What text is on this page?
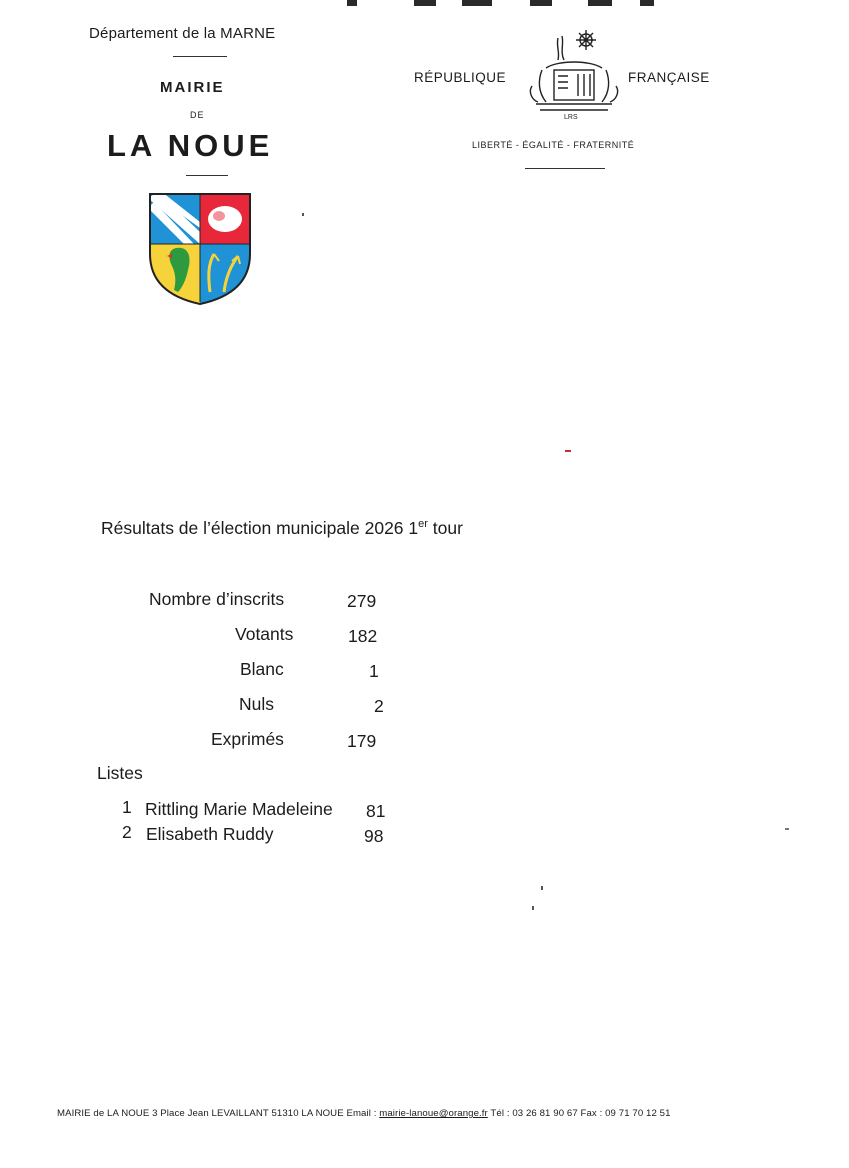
Département de la MARNE
MAIRIE
DE
LA NOUE
RÉPUBLIQUE
LRS
FRANÇAISE
LIBERTÉ - ÉGALITÉ - FRATERNITÉ
Résultats de l’élection municipale 2026 1er tour
Nombre d’inscrits	279
Votants	182
Blanc	1
Nuls	2
Exprimés	179
Listes
1 Rittling Marie Madeleine 81
2 Elisabeth Ruddy	98
MAIRIE de LA NOUE 3 Place Jean LEVAILLANT 51310 LA NOUE Email : mairie-lanoue@orange.fr Tél : 03 26 81 90 67 Fax : 09 71 70 12 51
